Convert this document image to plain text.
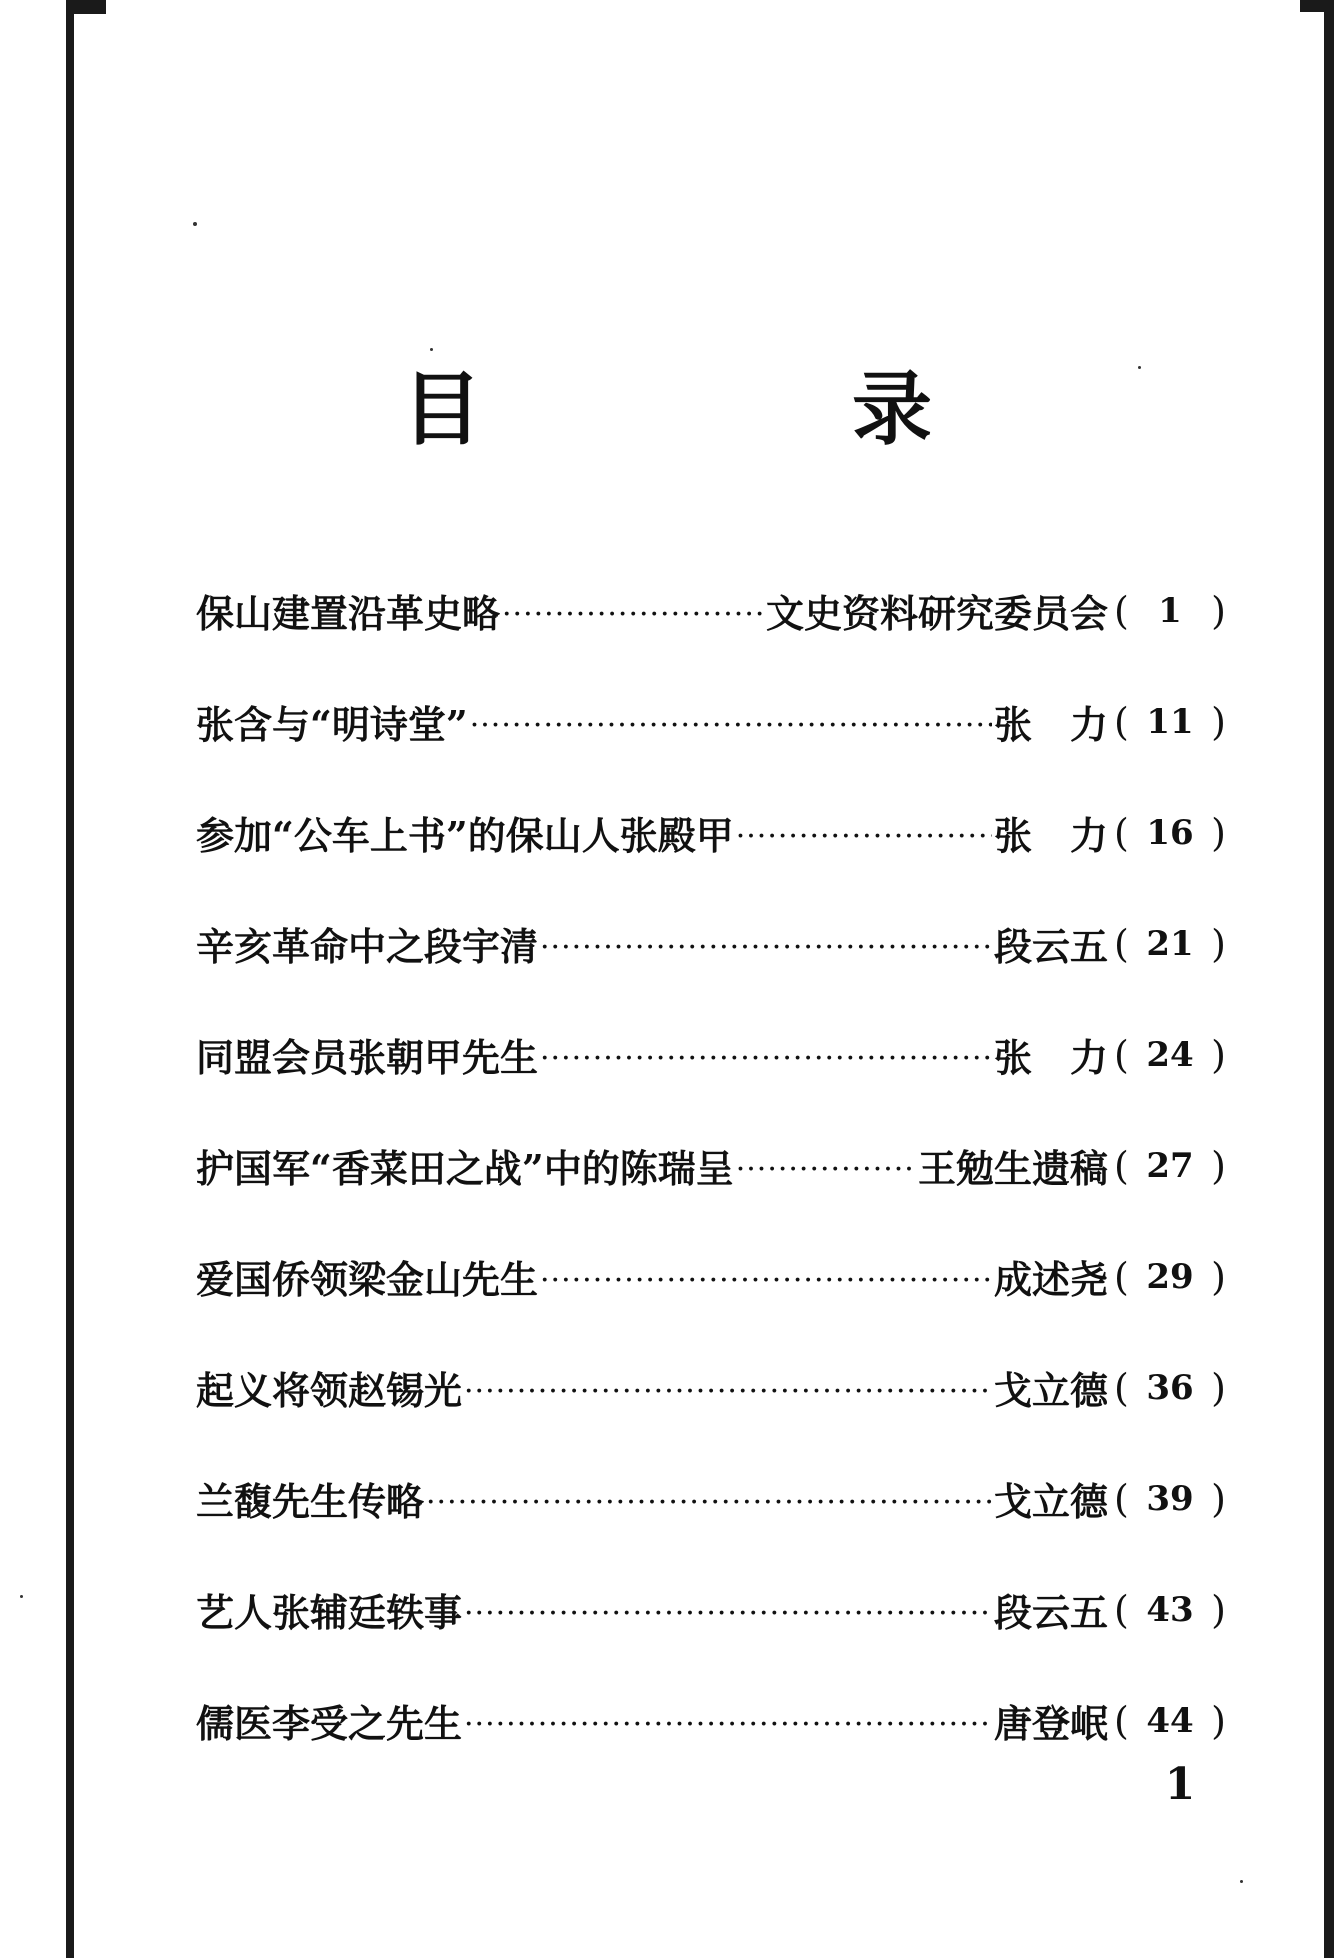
目　录
保山建置沿革史略 ·····	文史资料研究委员会 ( 1 )
张含与“明诗堂” ·····	张　力 ( 11 )
参加“公车上书”的保山人张殿甲 ·····	张　力 ( 16 )
辛亥革命中之段宇清 ·····	段云五 ( 21 )
同盟会员张朝甲先生 ·····	张　力 ( 24 )
护国军“香菜田之战”中的陈瑞呈 ·····	王勉生遗稿 ( 27 )
爱国侨领梁金山先生 ·····	成述尧 ( 29 )
起义将领赵锡光 ·····	戈立德 ( 36 )
兰馥先生传略 ·····	戈立德 ( 39 )
艺人张辅廷轶事 ·····	段云五 ( 43 )
儒医李受之先生 ·····	唐登岷 ( 44 )
1
